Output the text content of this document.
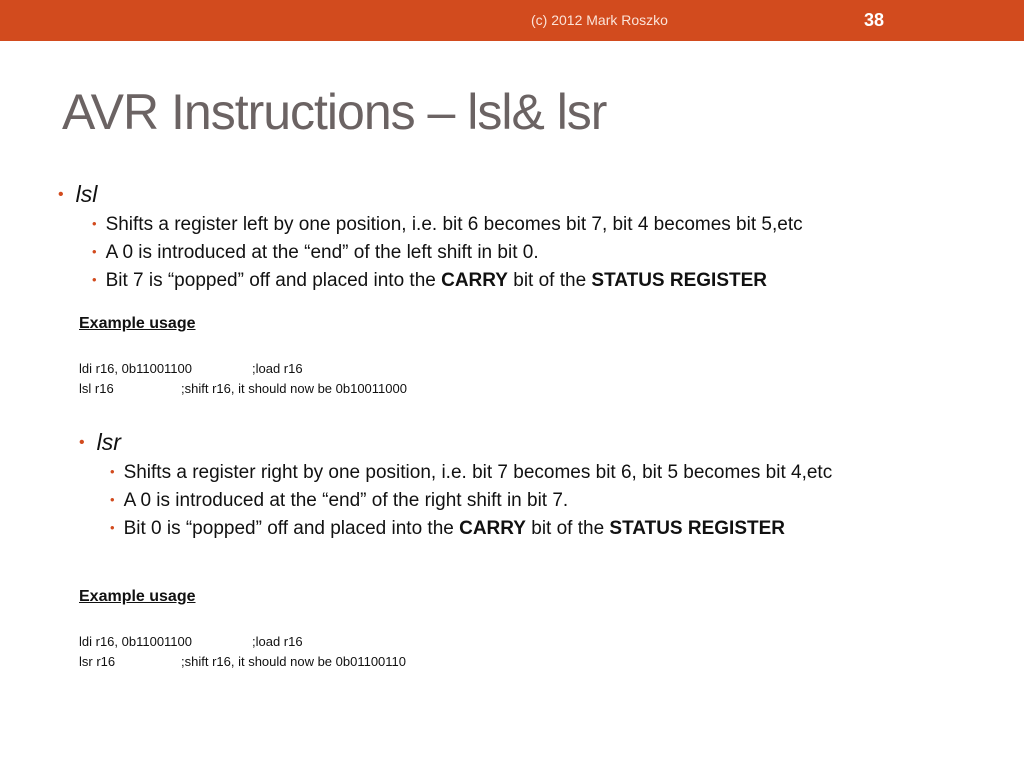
(c) 2012 Mark Roszko	38
AVR Instructions – lsl& lsr
• lsl
• Shifts a register left by one position, i.e. bit 6 becomes bit 7, bit 4 becomes bit 5,etc
• A 0 is introduced at the “end” of the left shift in bit 0.
• Bit 7 is “popped” off and placed into the CARRY bit of the STATUS REGISTER
Example usage
ldi r16, 0b11001100	;load r16
lsl r16	;shift r16, it should now be 0b10011000
• lsr
• Shifts a register right by one position, i.e. bit 7 becomes bit 6, bit 5 becomes bit 4,etc
• A 0 is introduced at the “end” of the right shift in bit 7.
• Bit 0 is “popped” off and placed into the CARRY bit of the STATUS REGISTER
Example usage
ldi r16, 0b11001100	;load r16
lsr r16	;shift r16, it should now be 0b01100110
